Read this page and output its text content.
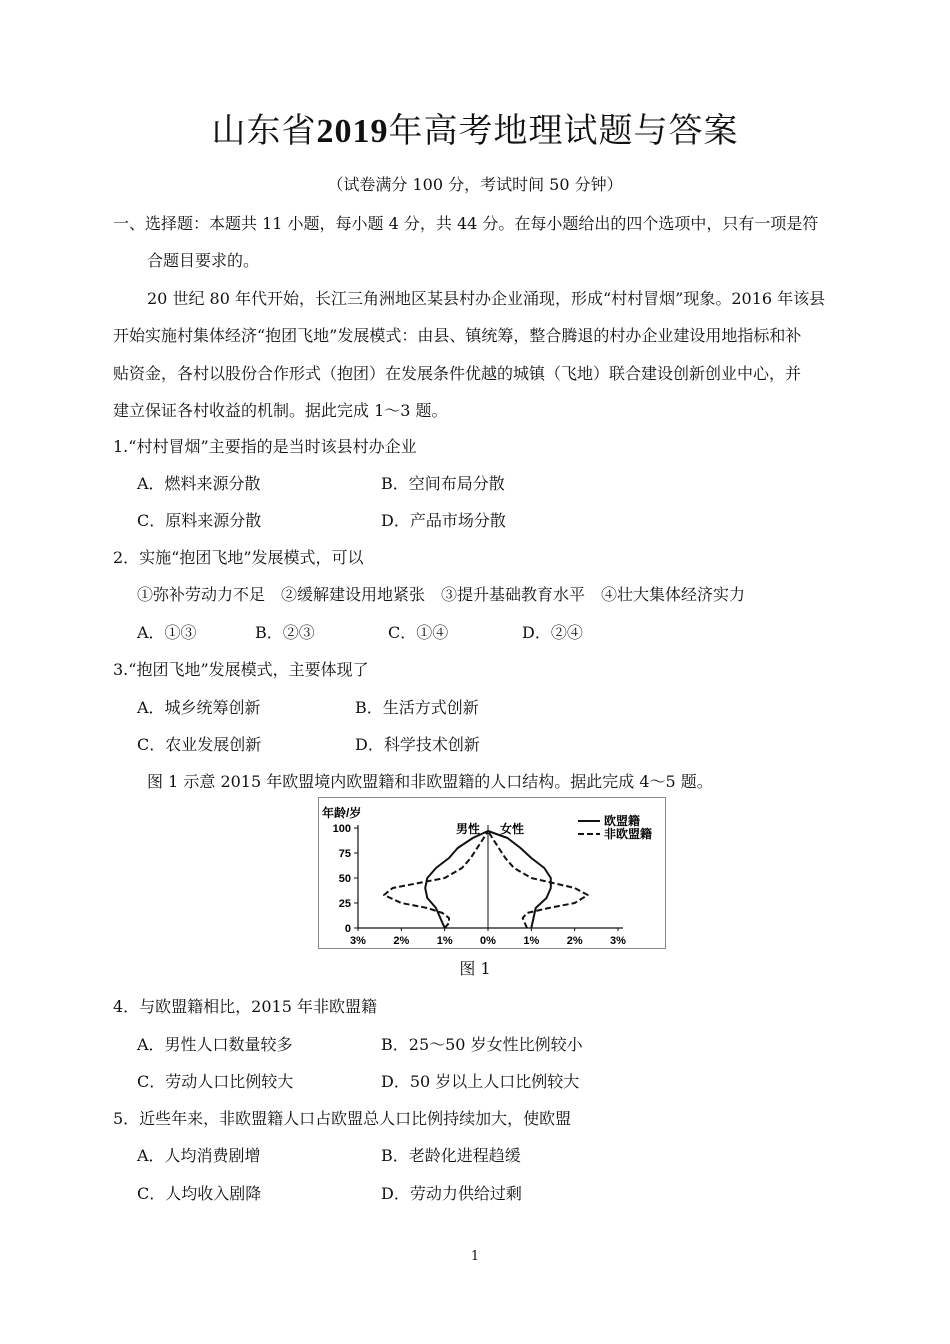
山东省2019年高考地理试题与答案
（试卷满分 100 分，考试时间 50 分钟）
一、选择题：本题共 11 小题，每小题 4 分，共 44 分。在每小题给出的四个选项中，只有一项是符
合题目要求的。
20 世纪 80 年代开始，长江三角洲地区某县村办企业涌现，形成“村村冒烟”现象。2016 年该县
开始实施村集体经济“抱团飞地”发展模式：由县、镇统筹，整合腾退的村办企业建设用地指标和补
贴资金，各村以股份合作形式（抱团）在发展条件优越的城镇（飞地）联合建设创新创业中心，并
建立保证各村收益的机制。据此完成 1～3 题。
1.“村村冒烟”主要指的是当时该县村办企业
A．燃料来源分散	B．空间布局分散
C．原料来源分散	D．产品市场分散
2．实施“抱团飞地”发展模式，可以
①弥补劳动力不足　②缓解建设用地紧张　③提升基础教育水平　④壮大集体经济实力
A．①③	B．②③	C．①④	D．②④
3.“抱团飞地”发展模式，主要体现了
A．城乡统筹创新	B．生活方式创新
C．农业发展创新	D．科学技术创新
图 1 示意 2015 年欧盟境内欧盟籍和非欧盟籍的人口结构。据此完成 4～5 题。
年龄/岁
男性 女性
欧盟籍
非欧盟籍
100
75
50
25
0
3% 2% 1% 0% 1% 2% 3%
图 1
4．与欧盟籍相比，2015 年非欧盟籍
A．男性人口数量较多	B．25～50 岁女性比例较小
C．劳动人口比例较大	D．50 岁以上人口比例较大
5．近些年来，非欧盟籍人口占欧盟总人口比例持续加大，使欧盟
A．人均消费剧增	B．老龄化进程趋缓
C．人均收入剧降	D．劳动力供给过剩
1
